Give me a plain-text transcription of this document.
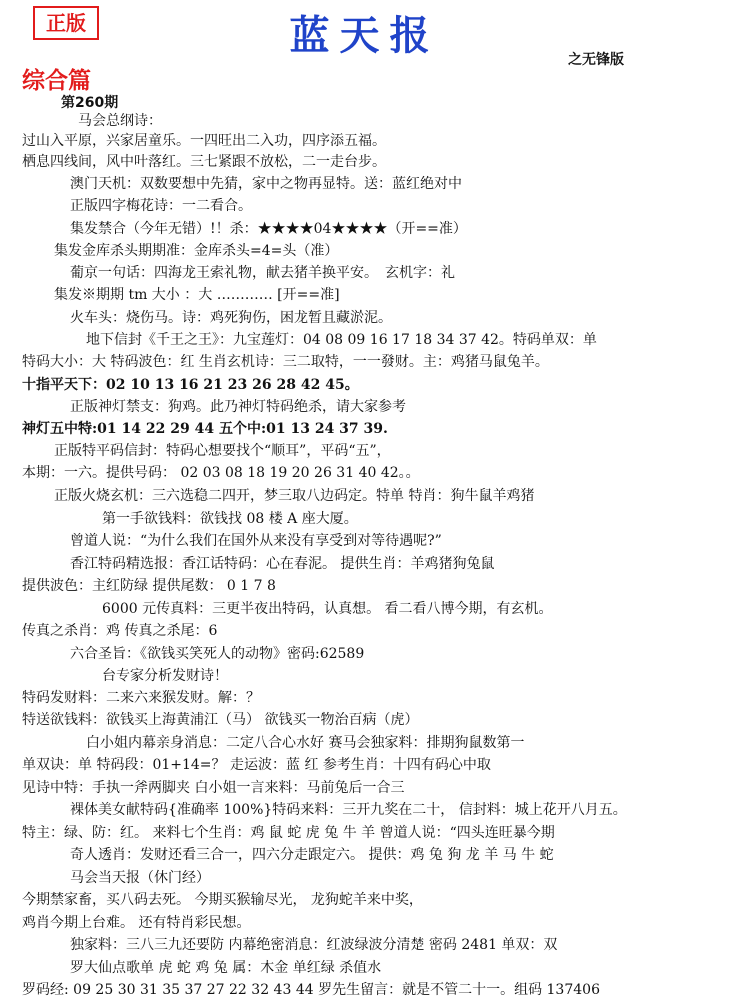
正版	蓝天报
之无锋版
综合篇
第260期
马会总纲诗：
过山入平原，兴家居童乐。一四旺出二入功，四序添五福。
栖息四线间，风中叶落红。三七紧跟不放松，二一走台步。
澳门天机：双数要想中先猜，家中之物再显特。送：蓝红绝对中
正版四字梅花诗：一二看合。
集发禁合（今年无错）!！杀：★★★★04★★★★（开==准）
集发金库杀头期期准：金库杀头=4=头（准）
葡京一句话：四海龙王索礼物，献去猪羊换平安。　玄机字：礼
集发※期期 tm 大小 ：大 ………… [开==准]
火车头：烧伤马。诗：鸡死狗伤，困龙暂且藏淤泥。
地下信封《千王之王》：九宝莲灯：04 08 09 16 17 18 34 37 42。特码单双：单
特码大小：大 特码波色：红 生肖玄机诗：三二取特，一一發财。主：鸡猪马鼠兔羊。
十指平天下：02 10 13 16 21 23 26 28 42 45。
正版神灯禁支：狗鸡。此乃神灯特码绝杀，请大家参考
神灯五中特:01 14 22 29 44 五个中:01 13 24 37 39.
正版特平码信封：特码心想要找个“顺耳”，平码“五”，
本期：一六。提供号码： 02 03 08 18 19 20 26 31 40 42。。
正版火烧玄机：三六选稳二四开，梦三取八边码定。特单 特肖：狗牛鼠羊鸡猪
第一手欲钱料：欲钱找 08 楼 A 座大厦。
曾道人说：“为什么我们在国外从来没有享受到对等待遇呢?”
香江特码精选报：香江话特码：心在春泥。 提供生肖：羊鸡猪狗兔鼠
提供波色：主红防绿 提供尾数： 0 1 7 8
6000 元传真料：三更半夜出特码，认真想。 看二看八博今期，有玄机。
传真之杀肖：鸡 传真之杀尾：6
六合圣旨：《欲钱买笑死人的动物》密码:62589
台专家分析发财诗！
特码发财料：二来六来猴发财。解：？
特送欲钱料：欲钱买上海黄浦江（马） 欲钱买一物治百病（虎）
白小姐内幕亲身消息：二定八合心水好 赛马会独家料：排期狗鼠数第一
单双诀：单 特码段：01+14=？ 走运波：蓝 红 参考生肖：十四有码心中取
见诗中特：手执一斧两脚夹 白小姐一言来料：马前兔后一合三
裸体美女献特码{准确率 100%}特码来料：三开九奖在二十， 信封料：城上花开八月五。
特主：绿、防：红。 来料七个生肖：鸡 鼠 蛇 虎 兔 牛 羊 曾道人说：“四头连旺暴今期
奇人透肖：发财还看三合一，四六分走跟定六。 提供：鸡 兔 狗 龙 羊 马 牛 蛇
马会当天报（休门经）
今期禁家畜，买八码去死。 今期买猴输尽光， 龙狗蛇羊来中奖，
鸡肖今期上台难。 还有特肖彩民想。
独家料：三八三九还要防 内幕绝密消息：红波绿波分清楚 密码 2481 单双：双
罗大仙点歌单 虎 蛇 鸡 兔 属：木金 单红绿 杀值水
罗码经: 09 25 30 31 35 37 27 22 32 43 44 罗先生留言：就是不管二十一。组码 137406
